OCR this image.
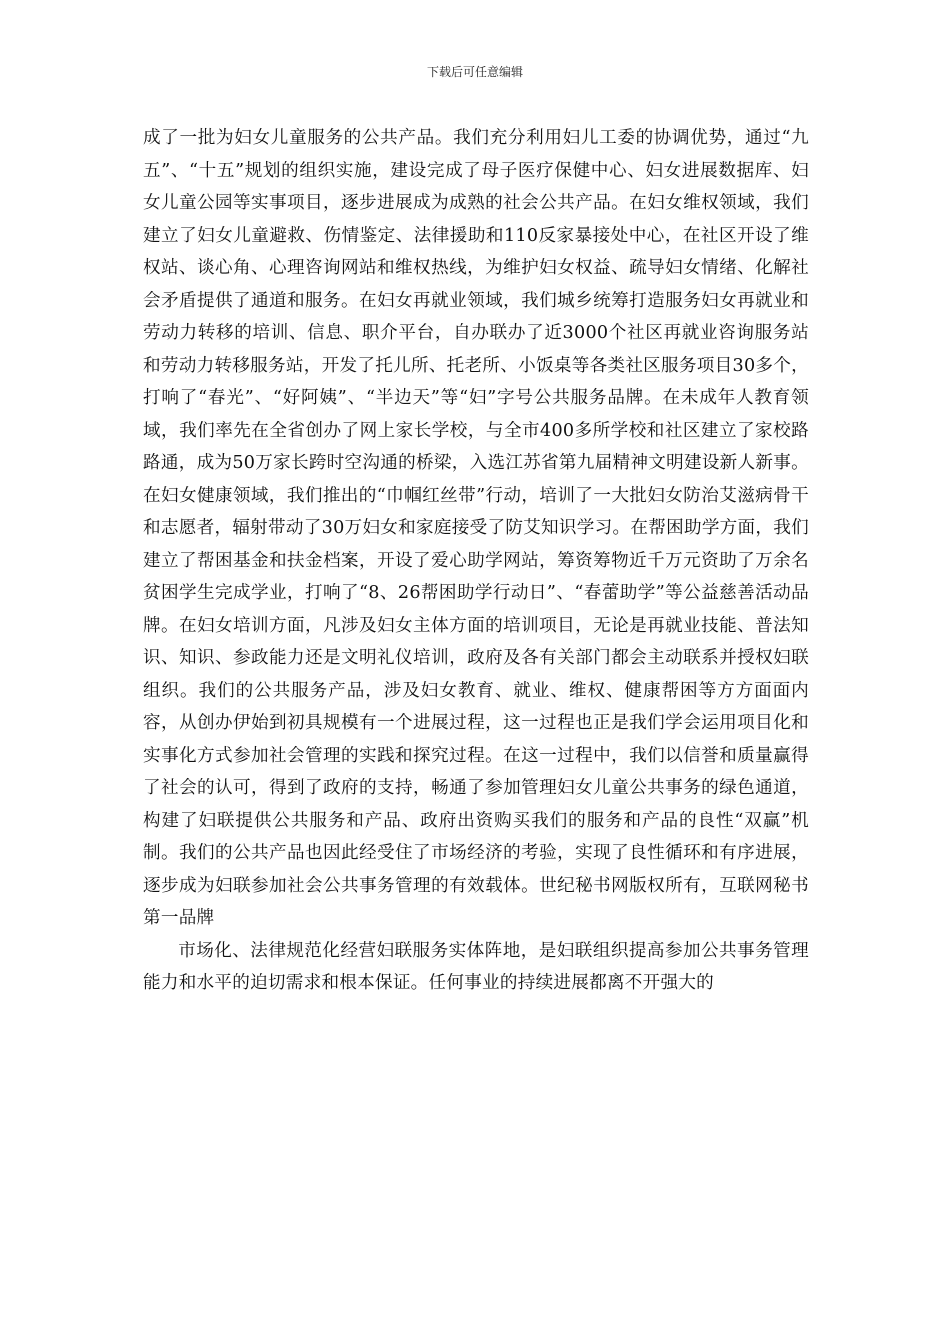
下载后可任意编辑

成了一批为妇女儿童服务的公共产品。我们充分利用妇儿工委的协调优势，通过“九五”、“十五”规划的组织实施，建设完成了母子医疗保健中心、妇女进展数据库、妇女儿童公园等实事项目，逐步进展成为成熟的社会公共产品。在妇女维权领域，我们建立了妇女儿童避救、伤情鉴定、法律援助和110反家暴接处中心，在社区开设了维权站、谈心角、心理咨询网站和维权热线，为维护妇女权益、疏导妇女情绪、化解社会矛盾提供了通道和服务。在妇女再就业领域，我们城乡统筹打造服务妇女再就业和劳动力转移的培训、信息、职介平台，自办联办了近3000个社区再就业咨询服务站和劳动力转移服务站，开发了托儿所、托老所、小饭桌等各类社区服务项目30多个，打响了“春光”、“好阿姨”、“半边天”等“妇”字号公共服务品牌。在未成年人教育领域，我们率先在全省创办了网上家长学校，与全市400多所学校和社区建立了家校路路通，成为50万家长跨时空沟通的桥梁，入选江苏省第九届精神文明建设新人新事。在妇女健康领域，我们推出的“巾帼红丝带”行动，培训了一大批妇女防治艾滋病骨干和志愿者，辐射带动了30万妇女和家庭接受了防艾知识学习。在帮困助学方面，我们建立了帮困基金和扶金档案，开设了爱心助学网站，筹资筹物近千万元资助了万余名贫困学生完成学业，打响了“8、26帮困助学行动日”、“春蕾助学”等公益慈善活动品牌。在妇女培训方面，凡涉及妇女主体方面的培训项目，无论是再就业技能、普法知识、知识、参政能力还是文明礼仪培训，政府及各有关部门都会主动联系并授权妇联组织。我们的公共服务产品，涉及妇女教育、就业、维权、健康帮困等方方面面内容，从创办伊始到初具规模有一个进展过程，这一过程也正是我们学会运用项目化和实事化方式参加社会管理的实践和探究过程。在这一过程中，我们以信誉和质量赢得了社会的认可，得到了政府的支持，畅通了参加管理妇女儿童公共事务的绿色通道，构建了妇联提供公共服务和产品、政府出资购买我们的服务和产品的良性“双赢”机制。我们的公共产品也因此经受住了市场经济的考验，实现了良性循环和有序进展，逐步成为妇联参加社会公共事务管理的有效载体。世纪秘书网版权所有，互联网秘书第一品牌

市场化、法律规范化经营妇联服务实体阵地，是妇联组织提高参加公共事务管理能力和水平的迫切需求和根本保证。任何事业的持续进展都离不开强大的
